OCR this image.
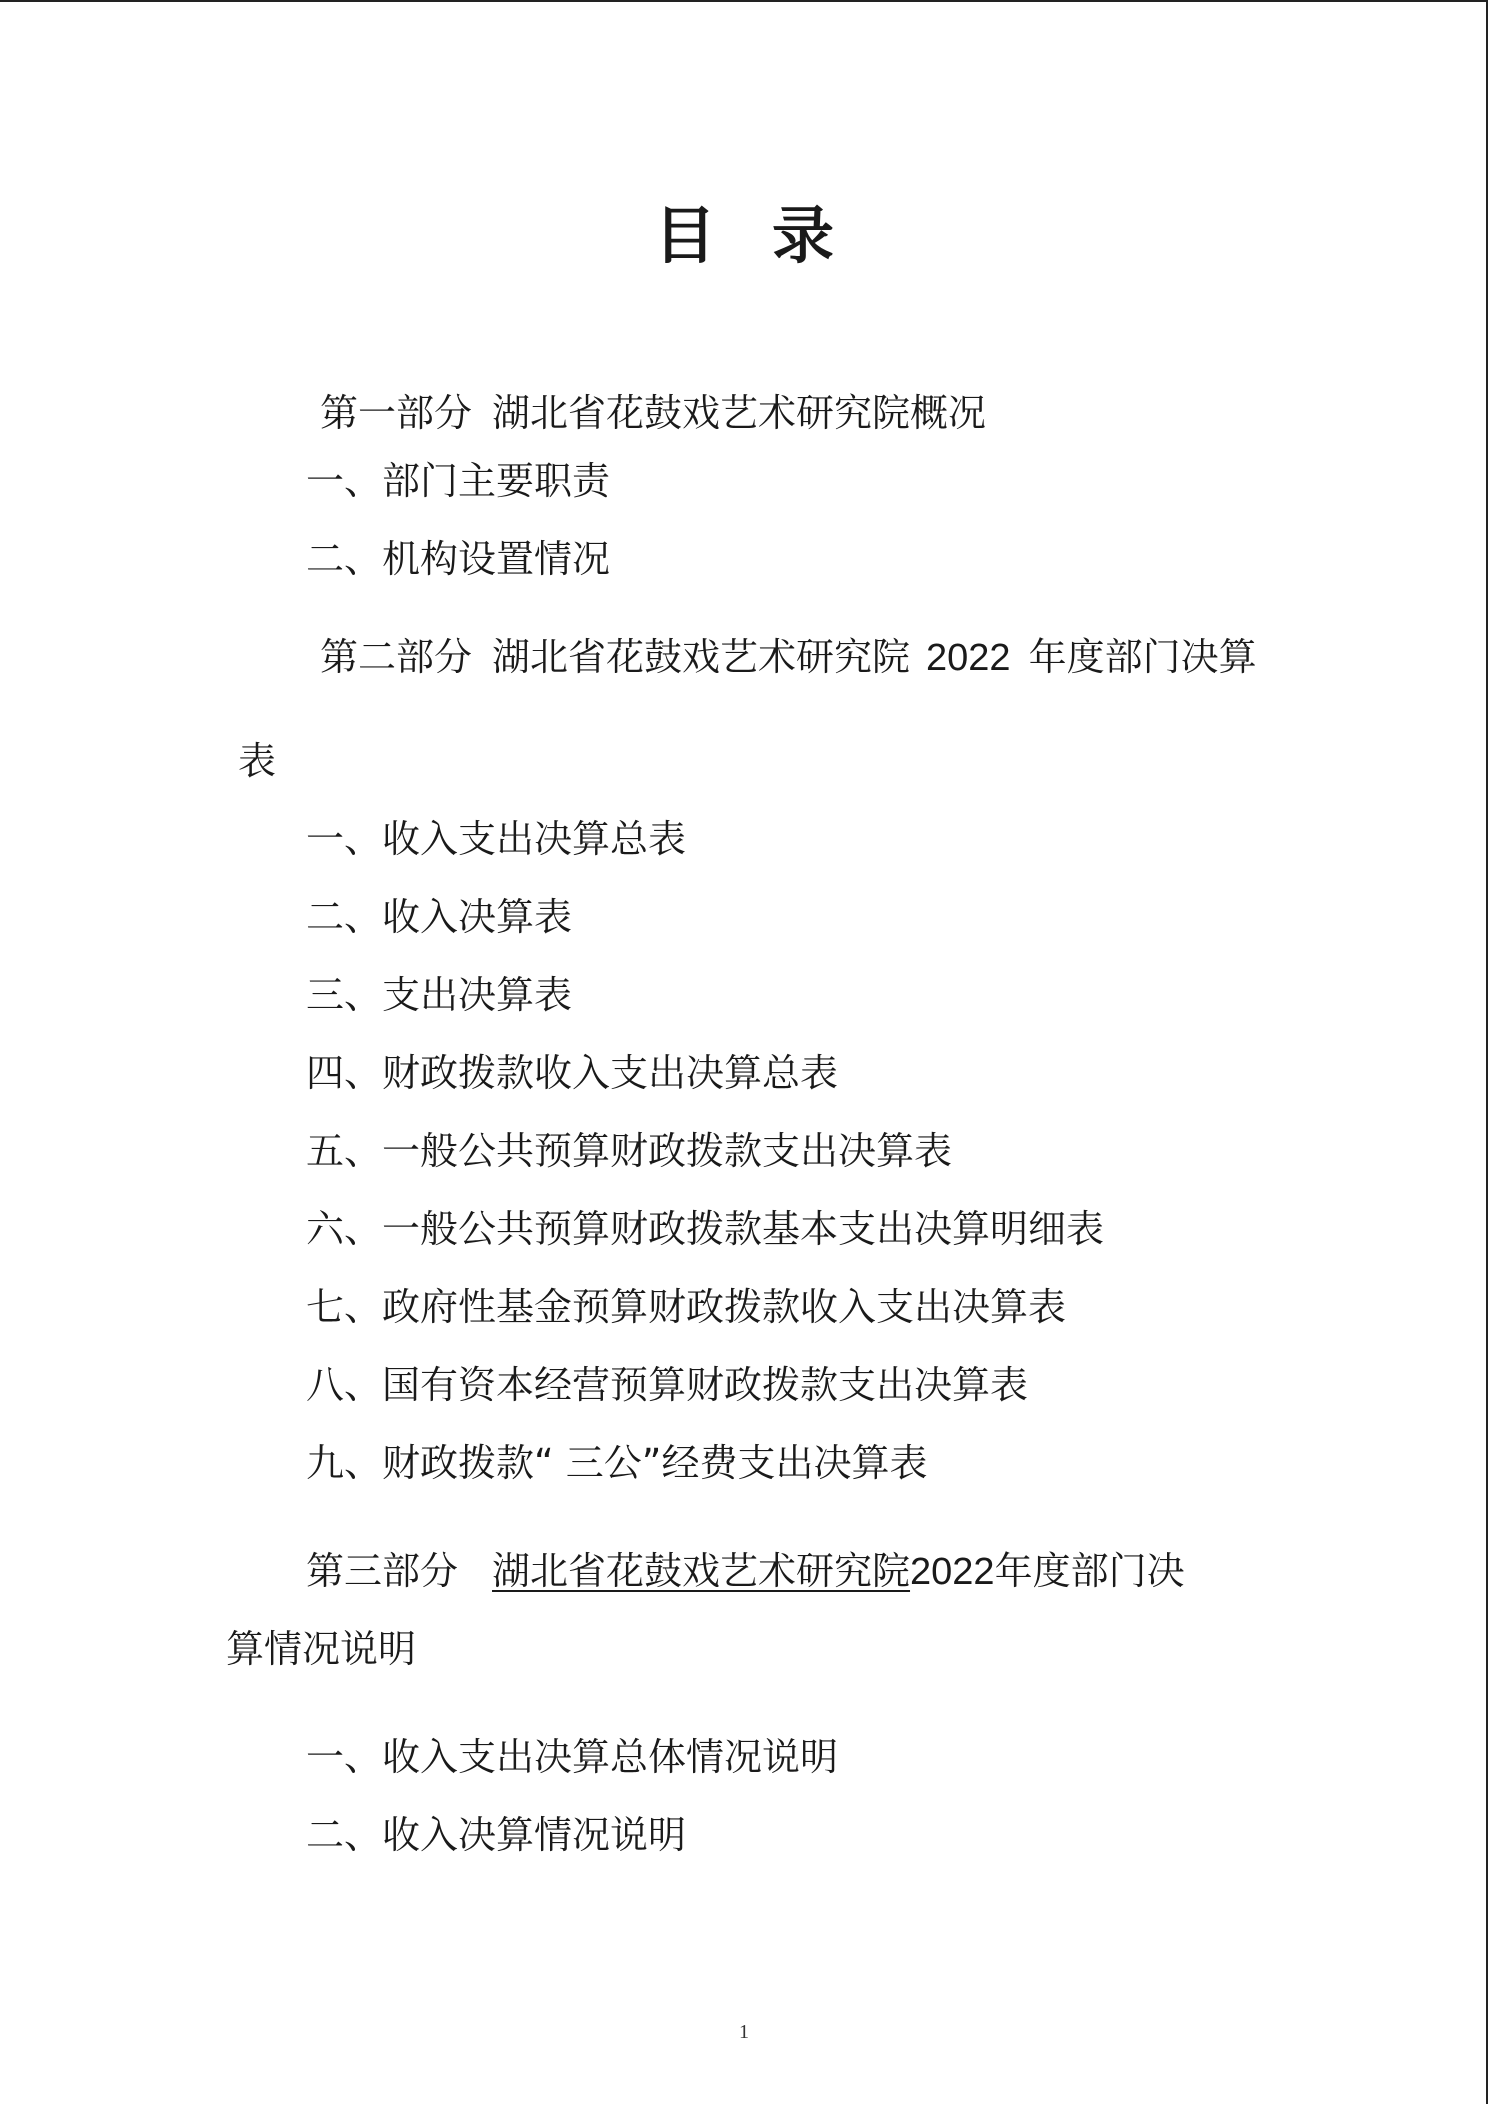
目 录
第一部分 湖北省花鼓戏艺术研究院概况
一、部门主要职责
二、机构设置情况
第二部分 湖北省花鼓戏艺术研究院 2022 年度部门决算
表
一、收入支出决算总表
二、收入决算表
三、支出决算表
四、财政拨款收入支出决算总表
五、一般公共预算财政拨款支出决算表
六、一般公共预算财政拨款基本支出决算明细表
七、政府性基金预算财政拨款收入支出决算表
八、国有资本经营预算财政拨款支出决算表
九、财政拨款“ 三公”经费支出决算表
第三部分 湖北省花鼓戏艺术研究院2022年度部门决
算情况说明
一、收入支出决算总体情况说明
二、收入决算情况说明
1
